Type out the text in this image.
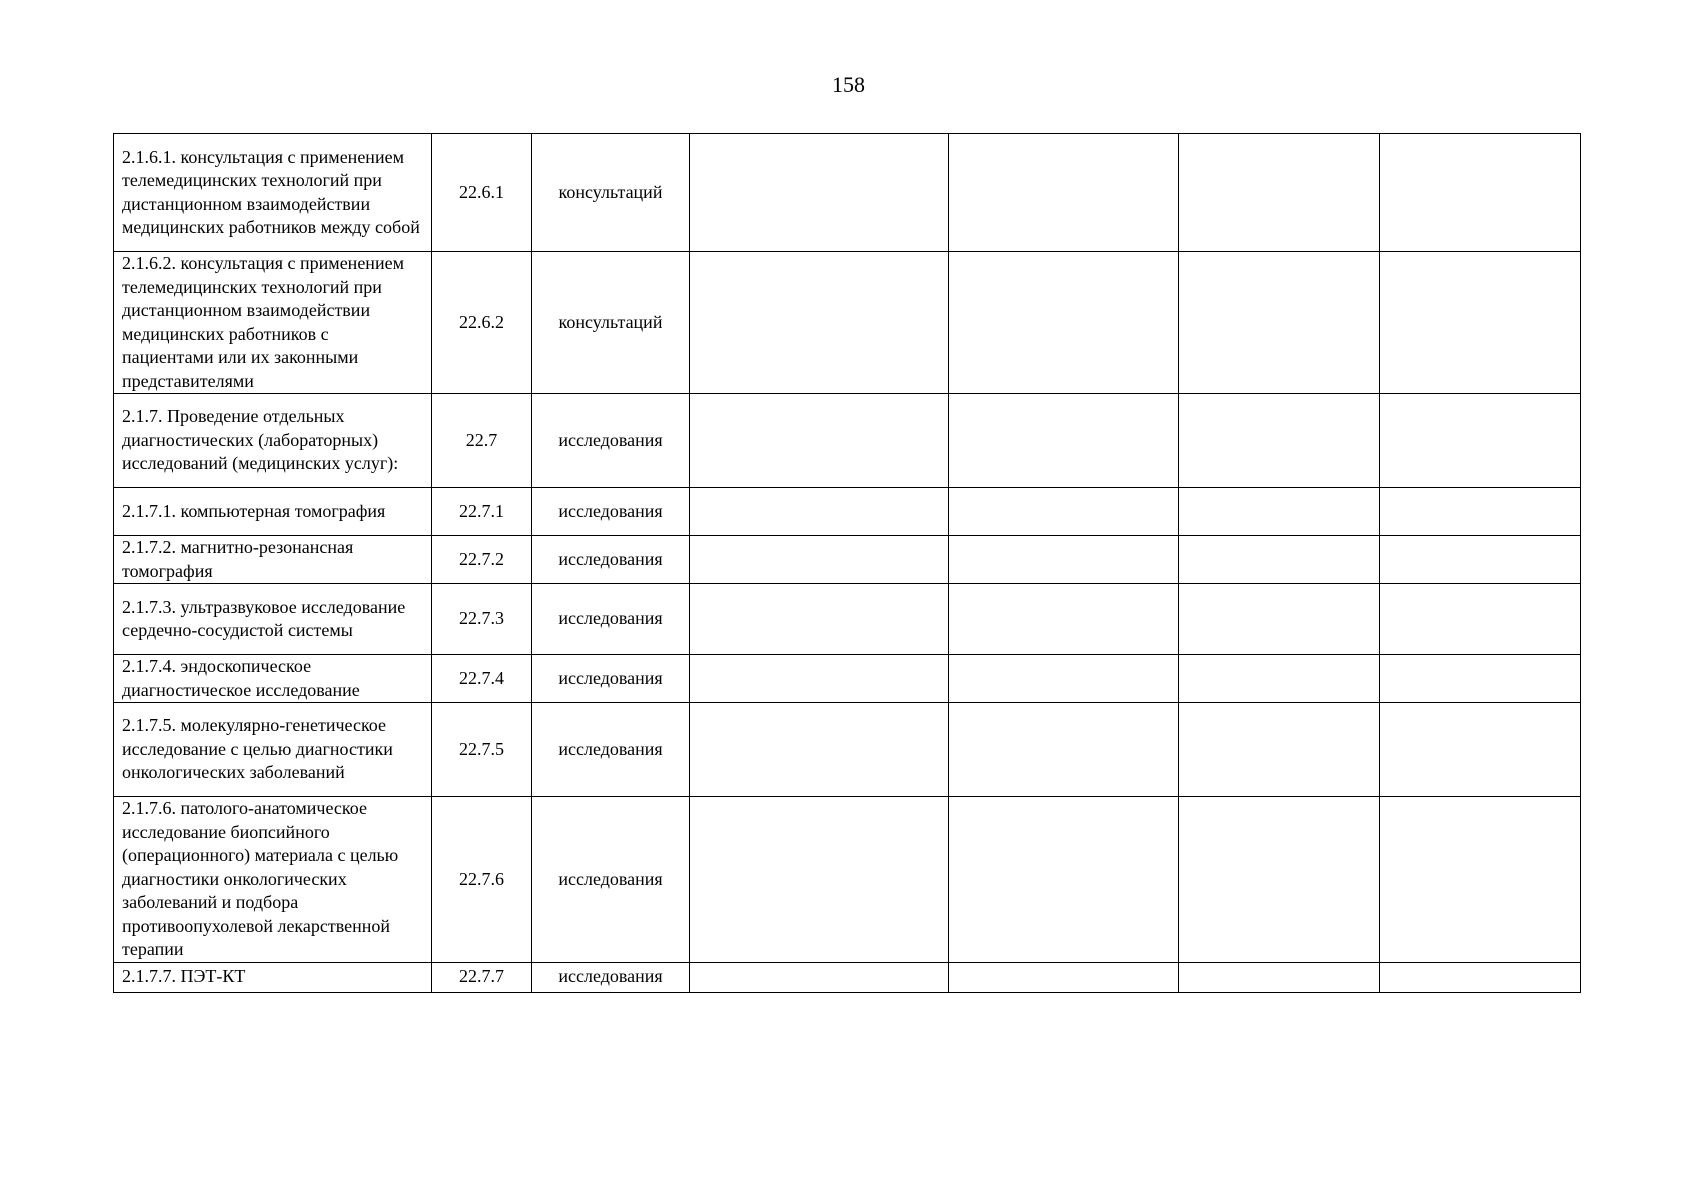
158
2.1.6.1. консультация с применением телемедицинских технологий при дистанционном взаимодействии медицинских работников между собой	22.6.1	консультаций				
2.1.6.2. консультация с применением телемедицинских технологий при дистанционном взаимодействии медицинских работников с пациентами или их законными представителями	22.6.2	консультаций				
2.1.7. Проведение отдельных диагностических (лабораторных) исследований (медицинских услуг):	22.7	исследования				
2.1.7.1. компьютерная томография	22.7.1	исследования				
2.1.7.2. магнитно-резонансная томография	22.7.2	исследования				
2.1.7.3. ультразвуковое исследование сердечно-сосудистой системы	22.7.3	исследования				
2.1.7.4. эндоскопическое диагностическое исследование	22.7.4	исследования				
2.1.7.5. молекулярно-генетическое исследование с целью диагностики онкологических заболеваний	22.7.5	исследования				
2.1.7.6. патолого-анатомическое исследование биопсийного (операционного) материала с целью диагностики онкологических заболеваний и подбора противоопухолевой лекарственной терапии	22.7.6	исследования				
2.1.7.7. ПЭТ-КТ	22.7.7	исследования				
